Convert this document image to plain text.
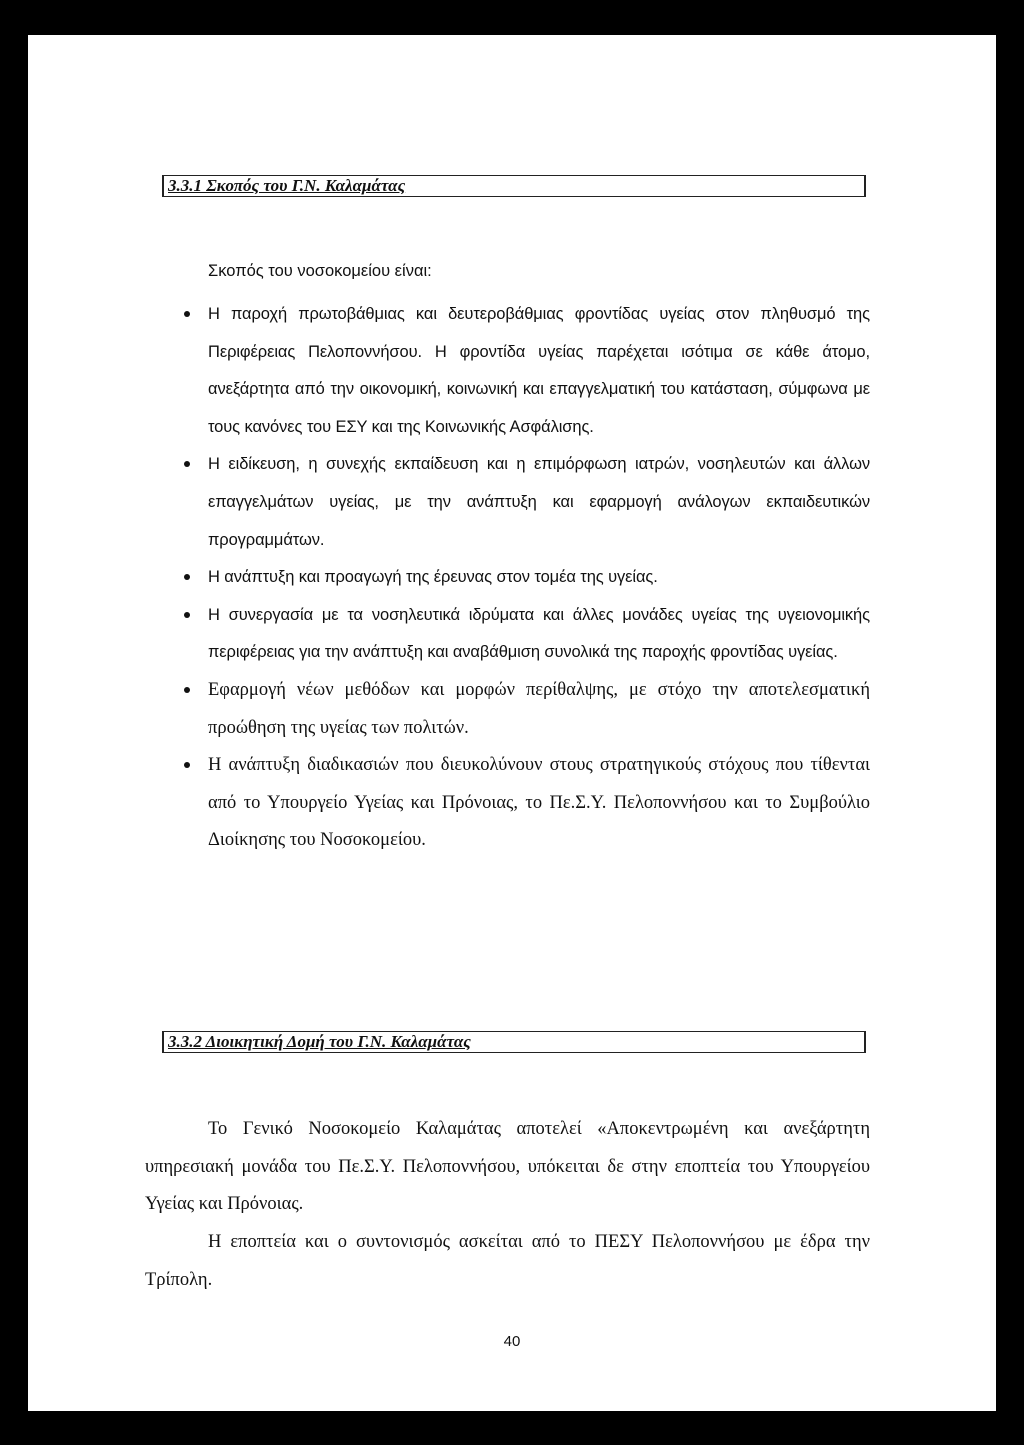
3.3.1 Σκοπός του Γ.Ν. Καλαμάτας
Σκοπός του νοσοκομείου είναι:
Η παροχή πρωτοβάθμιας και δευτεροβάθμιας φροντίδας υγείας στον πληθυσμό της Περιφέρειας Πελοποννήσου. Η φροντίδα υγείας παρέχεται ισότιμα σε κάθε άτομο, ανεξάρτητα από την οικονομική, κοινωνική και επαγγελματική του κατάσταση, σύμφωνα με τους κανόνες του ΕΣΥ και της Κοινωνικής Ασφάλισης.
Η ειδίκευση, η συνεχής εκπαίδευση και η επιμόρφωση ιατρών, νοσηλευτών και άλλων επαγγελμάτων υγείας, με την ανάπτυξη και εφαρμογή ανάλογων εκπαιδευτικών προγραμμάτων.
Η ανάπτυξη και προαγωγή της έρευνας στον τομέα της υγείας.
Η συνεργασία με τα νοσηλευτικά ιδρύματα και άλλες μονάδες υγείας της υγειονομικής περιφέρειας για την ανάπτυξη και αναβάθμιση συνολικά της παροχής φροντίδας υγείας.
Εφαρμογή νέων μεθόδων και μορφών περίθαλψης, με στόχο την αποτελεσματική προώθηση της υγείας των πολιτών.
Η ανάπτυξη διαδικασιών που διευκολύνουν στους στρατηγικούς στόχους που τίθενται από το Υπουργείο Υγείας και Πρόνοιας, το Πε.Σ.Υ. Πελοποννήσου και το Συμβούλιο Διοίκησης του Νοσοκομείου.
3.3.2 Διοικητική Δομή του Γ.Ν. Καλαμάτας
Το Γενικό Νοσοκομείο Καλαμάτας αποτελεί «Αποκεντρωμένη και ανεξάρτητη υπηρεσιακή μονάδα του Πε.Σ.Υ. Πελοποννήσου, υπόκειται δε στην εποπτεία του Υπουργείου Υγείας και Πρόνοιας.
Η εποπτεία και ο συντονισμός ασκείται από το ΠΕΣΥ Πελοποννήσου με έδρα την Τρίπολη.
40
